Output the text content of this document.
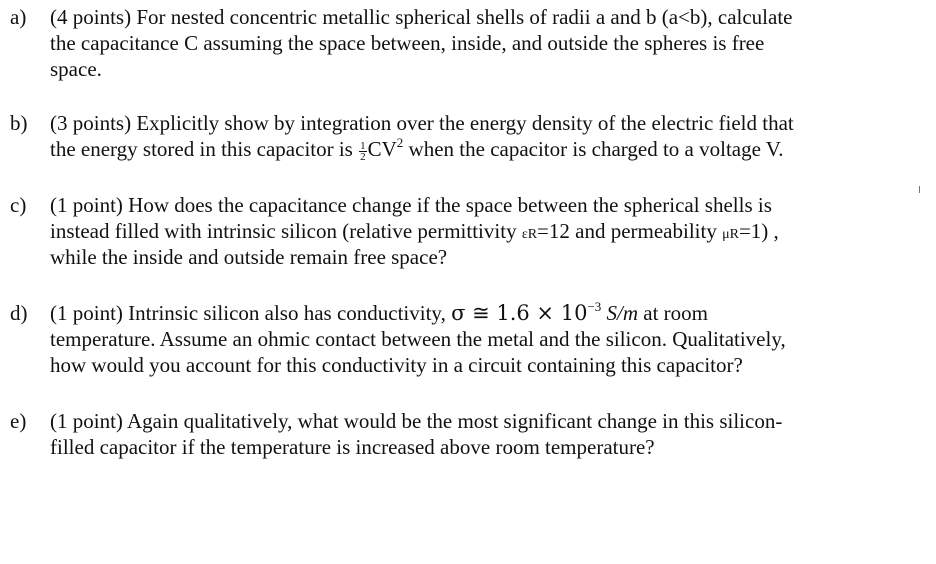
a)	(4 points) For nested concentric metallic spherical shells of radii a and b (a<b), calculate
the capacitance C assuming the space between, inside, and outside the spheres is free
space.
b)	(3 points) Explicitly show by integration over the energy density of the electric field that
the energy stored in this capacitor is $\frac{1}{2} CV^2$ when the capacitor is charged to a voltage V.
c)	(1 point) How does the capacitance change if the space between the spherical shells is
instead filled with intrinsic silicon (relative permittivity εR=12 and permeability μR=1) ,
while the inside and outside remain free space?
d)	(1 point) Intrinsic silicon also has conductivity, σ ≅ $1.6 \times 10^{-3}$ S/m at room
temperature. Assume an ohmic contact between the metal and the silicon. Qualitatively,
how would you account for this conductivity in a circuit containing this capacitor?
e)	(1 point) Again qualitatively, what would be the most significant change in this silicon-
filled capacitor if the temperature is increased above room temperature?
